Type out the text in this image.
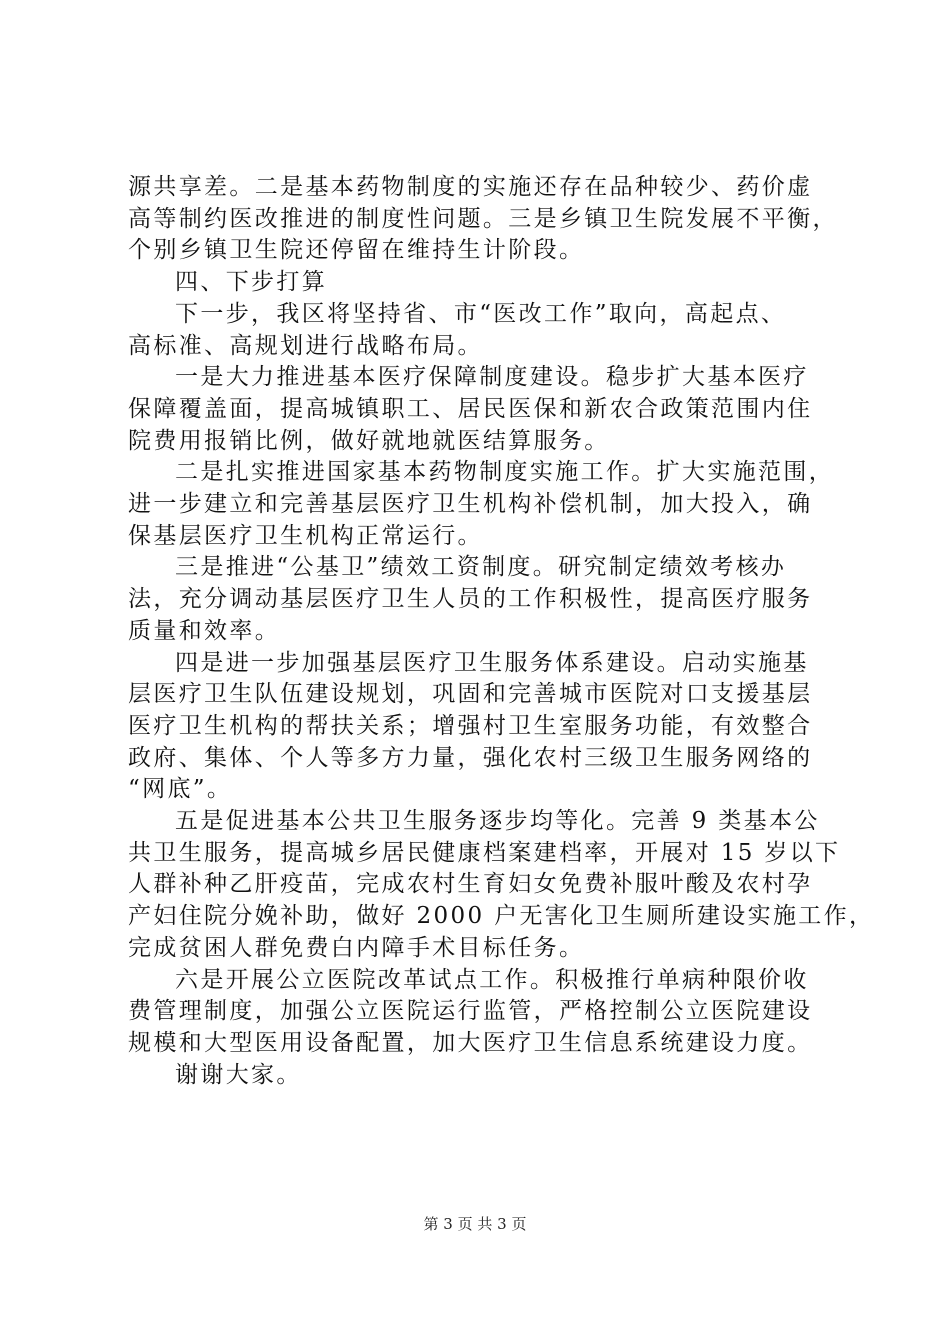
源共享差。二是基本药物制度的实施还存在品种较少、药价虚

高等制约医改推进的制度性问题。三是乡镇卫生院发展不平衡，

个别乡镇卫生院还停留在维持生计阶段。

四、下步打算

下一步，我区将坚持省、市“医改工作”取向，高起点、

高标准、高规划进行战略布局。

一是大力推进基本医疗保障制度建设。稳步扩大基本医疗

保障覆盖面，提高城镇职工、居民医保和新农合政策范围内住

院费用报销比例，做好就地就医结算服务。

二是扎实推进国家基本药物制度实施工作。扩大实施范围，

进一步建立和完善基层医疗卫生机构补偿机制，加大投入，确

保基层医疗卫生机构正常运行。

三是推进“公基卫”绩效工资制度。研究制定绩效考核办

法，充分调动基层医疗卫生人员的工作积极性，提高医疗服务

质量和效率。

四是进一步加强基层医疗卫生服务体系建设。启动实施基

层医疗卫生队伍建设规划，巩固和完善城市医院对口支援基层

医疗卫生机构的帮扶关系；增强村卫生室服务功能，有效整合

政府、集体、个人等多方力量，强化农村三级卫生服务网络的

“网底”。

五是促进基本公共卫生服务逐步均等化。完善 9 类基本公

共卫生服务，提高城乡居民健康档案建档率，开展对 15 岁以下

人群补种乙肝疫苗，完成农村生育妇女免费补服叶酸及农村孕

产妇住院分娩补助，做好 2000 户无害化卫生厕所建设实施工作，

完成贫困人群免费白内障手术目标任务。

六是开展公立医院改革试点工作。积极推行单病种限价收

费管理制度，加强公立医院运行监管，严格控制公立医院建设

规模和大型医用设备配置，加大医疗卫生信息系统建设力度。

谢谢大家。

第 3 页 共 3 页
